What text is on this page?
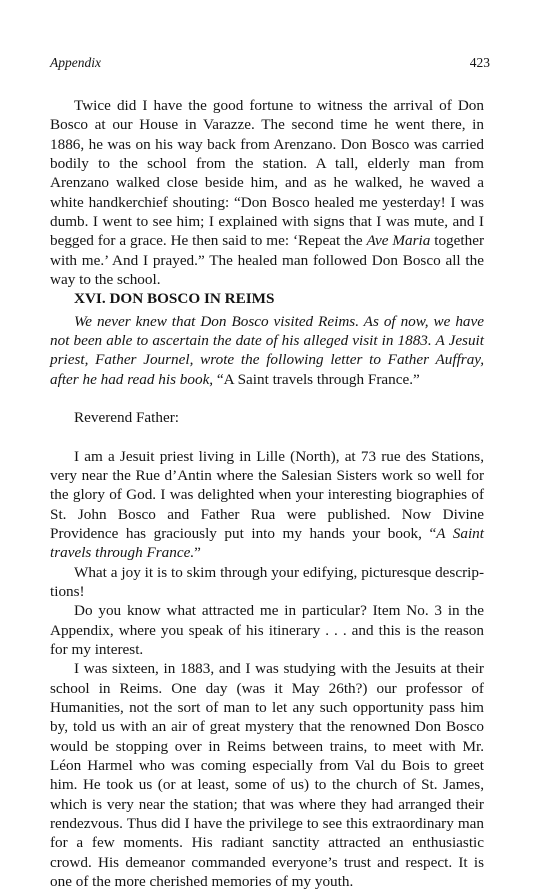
Appendix	423

Twice did I have the good fortune to witness the arrival of Don Bosco at our House in Varazze. The second time he went there, in 1886, he was on his way back from Arenzano. Don Bosco was carried bodily to the school from the station. A tall, elderly man from Arenzano walked close beside him, and as he walked, he waved a white handkerchief shouting: “Don Bosco healed me yesterday! I was dumb. I went to see him; I explained with signs that I was mute, and I begged for a grace. He then said to me: ‘Repeat the Ave Maria together with me.’ And I prayed.” The healed man followed Don Bosco all the way to the school.

XVI. DON BOSCO IN REIMS

We never knew that Don Bosco visited Reims. As of now, we have not been able to ascertain the date of his alleged visit in 1883. A Jesuit priest, Father Journel, wrote the following letter to Father Auffray, after he had read his book, “A Saint travels through France.”

Reverend Father:

I am a Jesuit priest living in Lille (North), at 73 rue des Stations, very near the Rue d’Antin where the Salesian Sisters work so well for the glory of God. I was delighted when your interesting biographies of St. John Bosco and Father Rua were published. Now Divine Providence has graciously put into my hands your book, “A Saint travels through France.”

What a joy it is to skim through your edifying, picturesque descriptions!

Do you know what attracted me in particular? Item No. 3 in the Appendix, where you speak of his itinerary . . . and this is the reason for my interest.

I was sixteen, in 1883, and I was studying with the Jesuits at their school in Reims. One day (was it May 26th?) our professor of Humanities, not the sort of man to let any such opportunity pass him by, told us with an air of great mystery that the renowned Don Bosco would be stopping over in Reims between trains, to meet with Mr. Léon Harmel who was coming especially from Val du Bois to greet him. He took us (or at least, some of us) to the church of St. James, which is very near the station; that was where they had arranged their rendezvous. Thus did I have the privilege to see this extraordinary man for a few moments. His radiant sanctity attracted an enthusiastic crowd. His demeanor commanded everyone’s trust and respect. It is one of the more cherished memories of my youth.
